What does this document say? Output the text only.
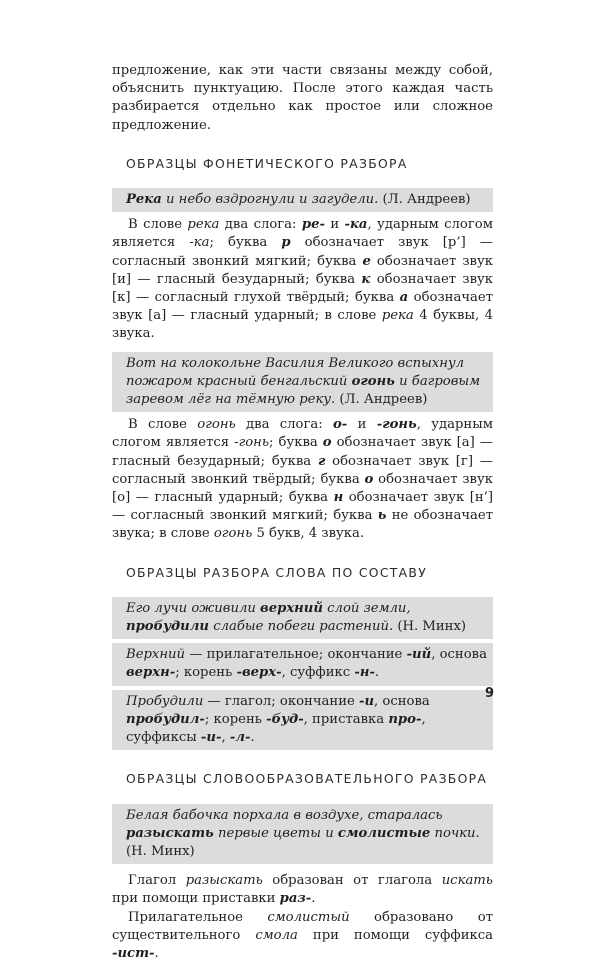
предложение, как эти части связаны между собой, объяснить пунктуацию. После этого каждая часть разбирается отдельно как простое или сложное предложение.

ОБРАЗЦЫ ФОНЕТИЧЕСКОГО РАЗБОРА

Река и небо вздрогнули и загудели. (Л. Андреев)

В слове река два слога: ре- и -ка, ударным слогом является -ка; буква р обозначает звук [р’] — согласный звонкий мягкий; буква е обозначает звук [и] — гласный безударный; буква к обозначает звук [к] — согласный глухой твёрдый; буква а обозначает звук [а] — гласный ударный; в слове река 4 буквы, 4 звука.

Вот на колокольне Василия Великого вспыхнул пожаром красный бенгальский огонь и багровым заревом лёг на тёмную реку. (Л. Андреев)

В слове огонь два слога: о- и -гонь, ударным слогом является -гонь; буква о обозначает звук [а] — гласный безударный; буква г обозначает звук [г] — согласный звонкий твёрдый; буква о обозначает звук [о] — гласный ударный; буква н обозначает звук [н’] — согласный звонкий мягкий; буква ь не обозначает звука; в слове огонь 5 букв, 4 звука.

ОБРАЗЦЫ РАЗБОРА СЛОВА ПО СОСТАВУ

Его лучи оживили верхний слой земли, пробудили слабые побеги растений. (Н. Минх)

Верхний — прилагательное; окончание -ий, основа верхн-; корень -верх-, суффикс -н-.

Пробудили — глагол; окончание -и, основа пробудил-; корень -буд-, приставка про-, суффиксы -и-, -л-.

ОБРАЗЦЫ СЛОВООБРАЗОВАТЕЛЬНОГО РАЗБОРА

Белая бабочка порхала в воздухе, старалась разыскать первые цветы и смолистые почки. (Н. Минх)

Глагол разыскать образован от глагола искать при помощи приставки раз-.

Прилагательное смолистый образовано от существительного смола при помощи суффикса -ист-.

9
